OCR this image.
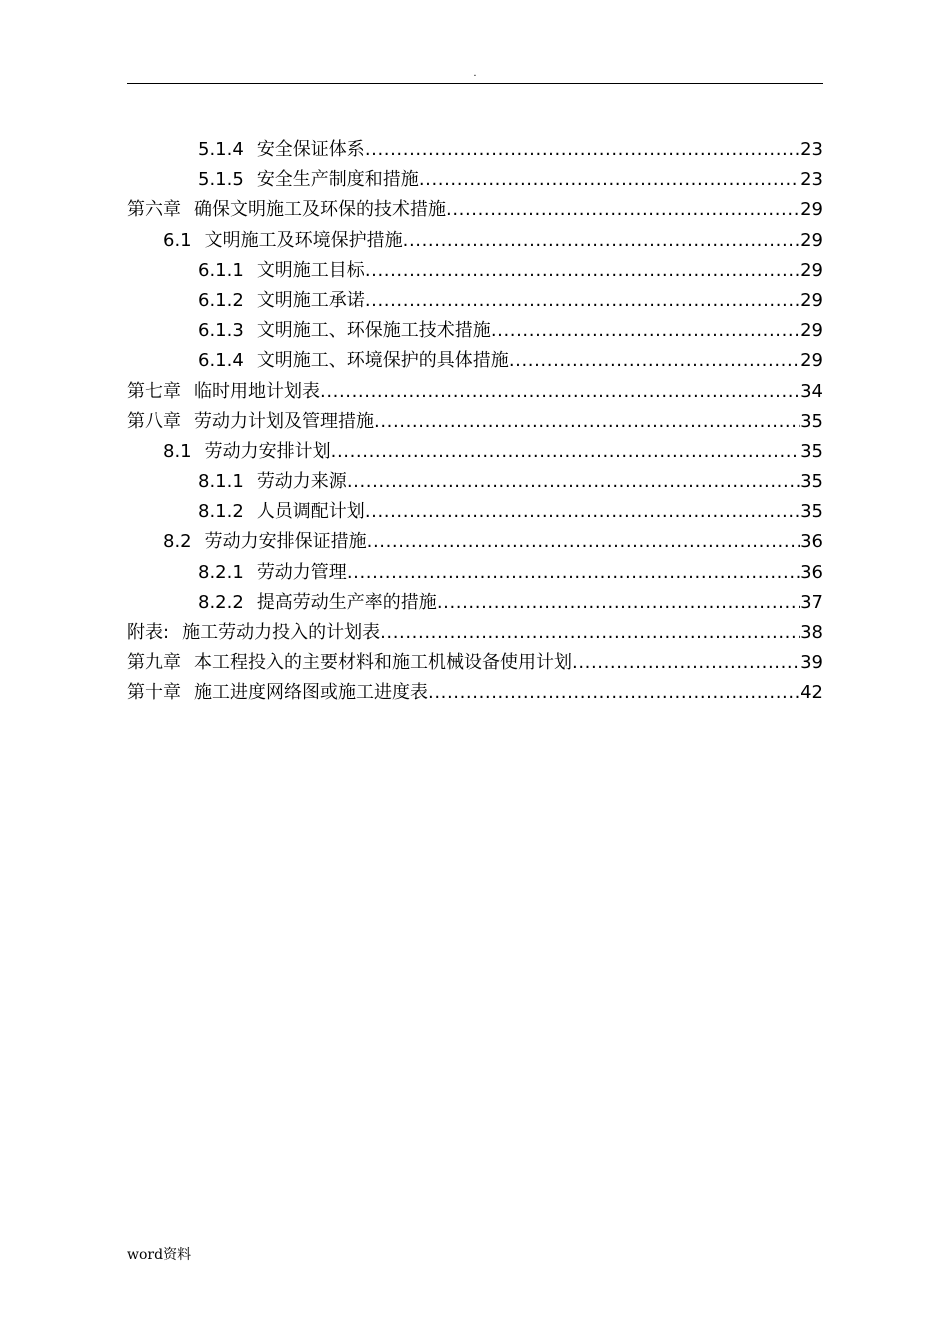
.
5.1.4 安全保证体系 .....	23
5.1.5 安全生产制度和措施 .....	23
第六章 确保文明施工及环保的技术措施 .....	29
6.1 文明施工及环境保护措施 .....	29
6.1.1 文明施工目标 .....	29
6.1.2 文明施工承诺 .....	29
6.1.3 文明施工、环保施工技术措施 .....	29
6.1.4 文明施工、环境保护的具体措施 .....	29
第七章 临时用地计划表 .....	34
第八章 劳动力计划及管理措施 .....	35
8.1 劳动力安排计划 .....	35
8.1.1 劳动力来源 .....	35
8.1.2 人员调配计划 .....	35
8.2 劳动力安排保证措施 .....	36
8.2.1 劳动力管理 .....	36
8.2.2 提高劳动生产率的措施 .....	37
附表: 施工劳动力投入的计划表 .....	38
第九章 本工程投入的主要材料和施工机械设备使用计划 .....	39
第十章 施工进度网络图或施工进度表 .....	42
word资料
